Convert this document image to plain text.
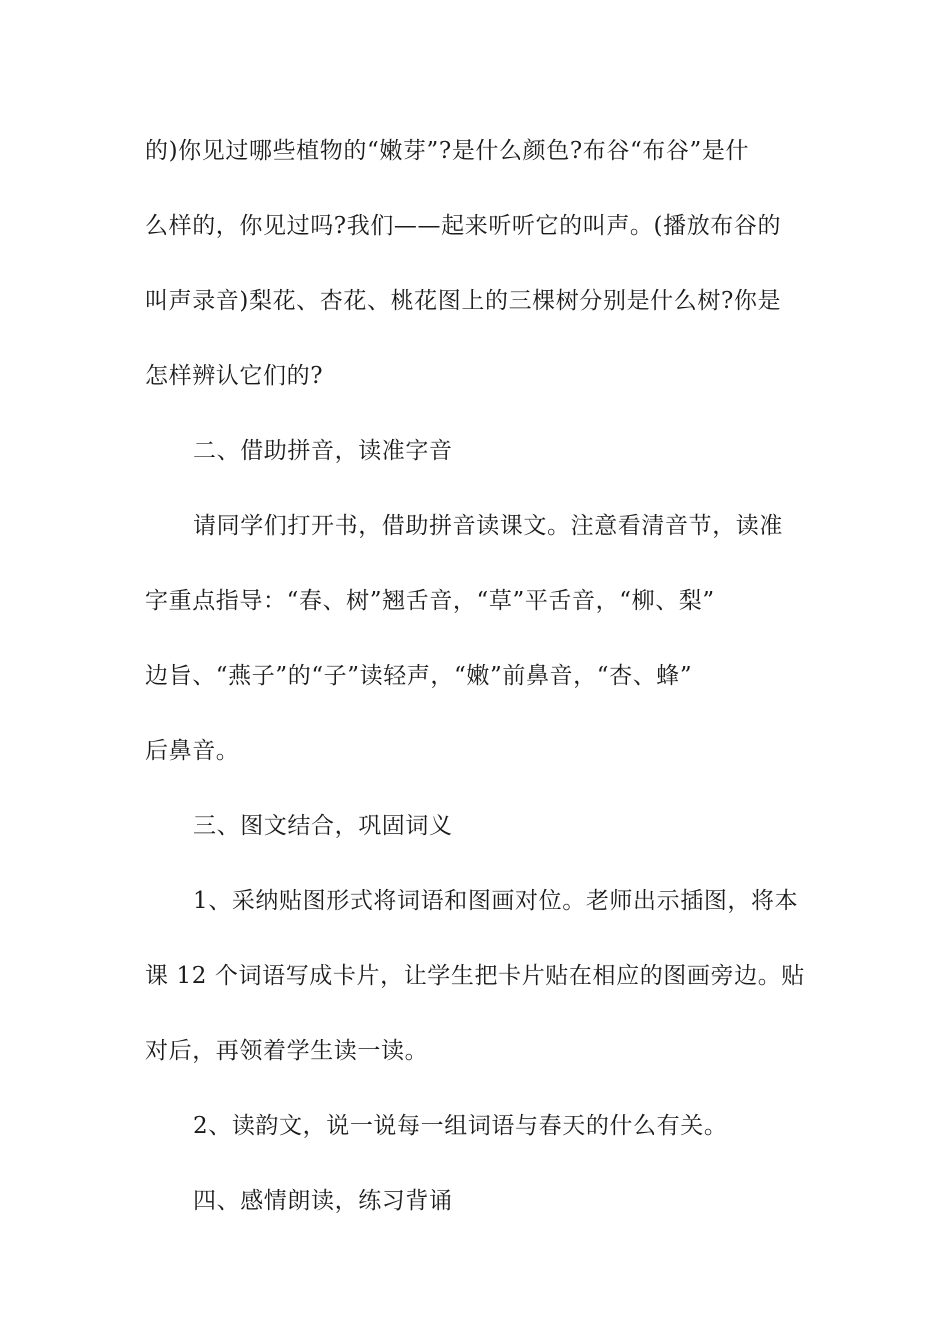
的)你见过哪些植物的“嫩芽”?是什么颜色?布谷“布谷”是什
么样的，你见过吗?我们——起来听听它的叫声。(播放布谷的
叫声录音)梨花、杏花、桃花图上的三棵树分别是什么树?你是
怎样辨认它们的?
二、借助拼音，读准字音
请同学们打开书，借助拼音读课文。注意看清音节，读准
字重点指导：“春、树”翘舌音，“草”平舌音，“柳、梨”
边旨、“燕子”的“子”读轻声，“嫩”前鼻音，“杏、蜂”
后鼻音。
三、图文结合，巩固词义
1、采纳贴图形式将词语和图画对位。老师出示插图，将本
课 12 个词语写成卡片，让学生把卡片贴在相应的图画旁边。贴
对后，再领着学生读一读。
2、读韵文，说一说每一组词语与春天的什么有关。
四、感情朗读，练习背诵
